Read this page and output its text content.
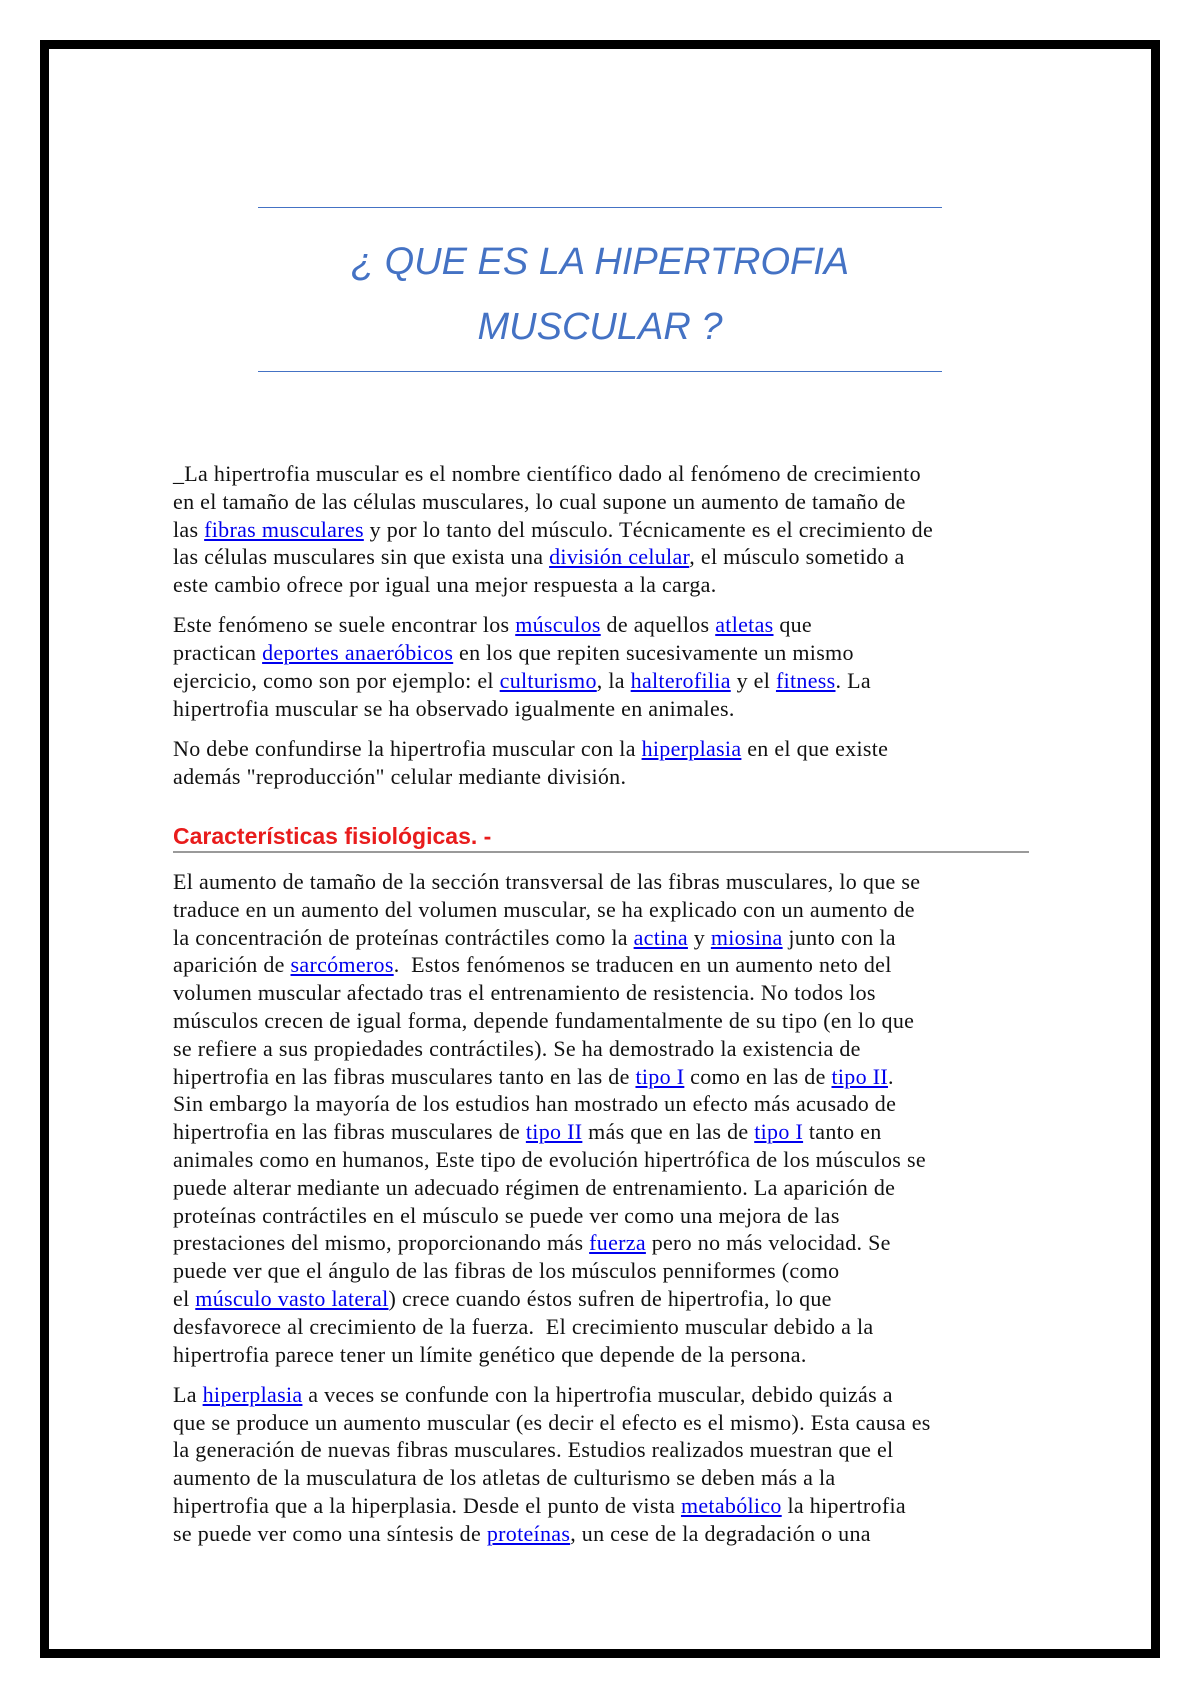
¿ QUE ES LA HIPERTROFIA
MUSCULAR ?
_La hipertrofia muscular es el nombre científico dado al fenómeno de crecimiento
en el tamaño de las células musculares, lo cual supone un aumento de tamaño de
las fibras musculares y por lo tanto del músculo. Técnicamente es el crecimiento de
las células musculares sin que exista una división celular, el músculo sometido a
este cambio ofrece por igual una mejor respuesta a la carga.
Este fenómeno se suele encontrar los músculos de aquellos atletas que
practican deportes anaeróbicos en los que repiten sucesivamente un mismo
ejercicio, como son por ejemplo: el culturismo, la halterofilia y el fitness. La
hipertrofia muscular se ha observado igualmente en animales.
No debe confundirse la hipertrofia muscular con la hiperplasia en el que existe
además "reproducción" celular mediante división.
Características fisiológicas. -
El aumento de tamaño de la sección transversal de las fibras musculares, lo que se
traduce en un aumento del volumen muscular, se ha explicado con un aumento de
la concentración de proteínas contráctiles como la actina y miosina junto con la
aparición de sarcómeros.  Estos fenómenos se traducen en un aumento neto del
volumen muscular afectado tras el entrenamiento de resistencia. No todos los
músculos crecen de igual forma, depende fundamentalmente de su tipo (en lo que
se refiere a sus propiedades contráctiles). Se ha demostrado la existencia de
hipertrofia en las fibras musculares tanto en las de tipo I como en las de tipo II.
Sin embargo la mayoría de los estudios han mostrado un efecto más acusado de
hipertrofia en las fibras musculares de tipo II más que en las de tipo I tanto en
animales como en humanos, Este tipo de evolución hipertrófica de los músculos se
puede alterar mediante un adecuado régimen de entrenamiento. La aparición de
proteínas contráctiles en el músculo se puede ver como una mejora de las
prestaciones del mismo, proporcionando más fuerza pero no más velocidad. Se
puede ver que el ángulo de las fibras de los músculos penniformes (como
el músculo vasto lateral) crece cuando éstos sufren de hipertrofia, lo que
desfavorece al crecimiento de la fuerza.  El crecimiento muscular debido a la
hipertrofia parece tener un límite genético que depende de la persona.
La hiperplasia a veces se confunde con la hipertrofia muscular, debido quizás a
que se produce un aumento muscular (es decir el efecto es el mismo). Esta causa es
la generación de nuevas fibras musculares. Estudios realizados muestran que el
aumento de la musculatura de los atletas de culturismo se deben más a la
hipertrofia que a la hiperplasia. Desde el punto de vista metabólico la hipertrofia
se puede ver como una síntesis de proteínas, un cese de la degradación o una
